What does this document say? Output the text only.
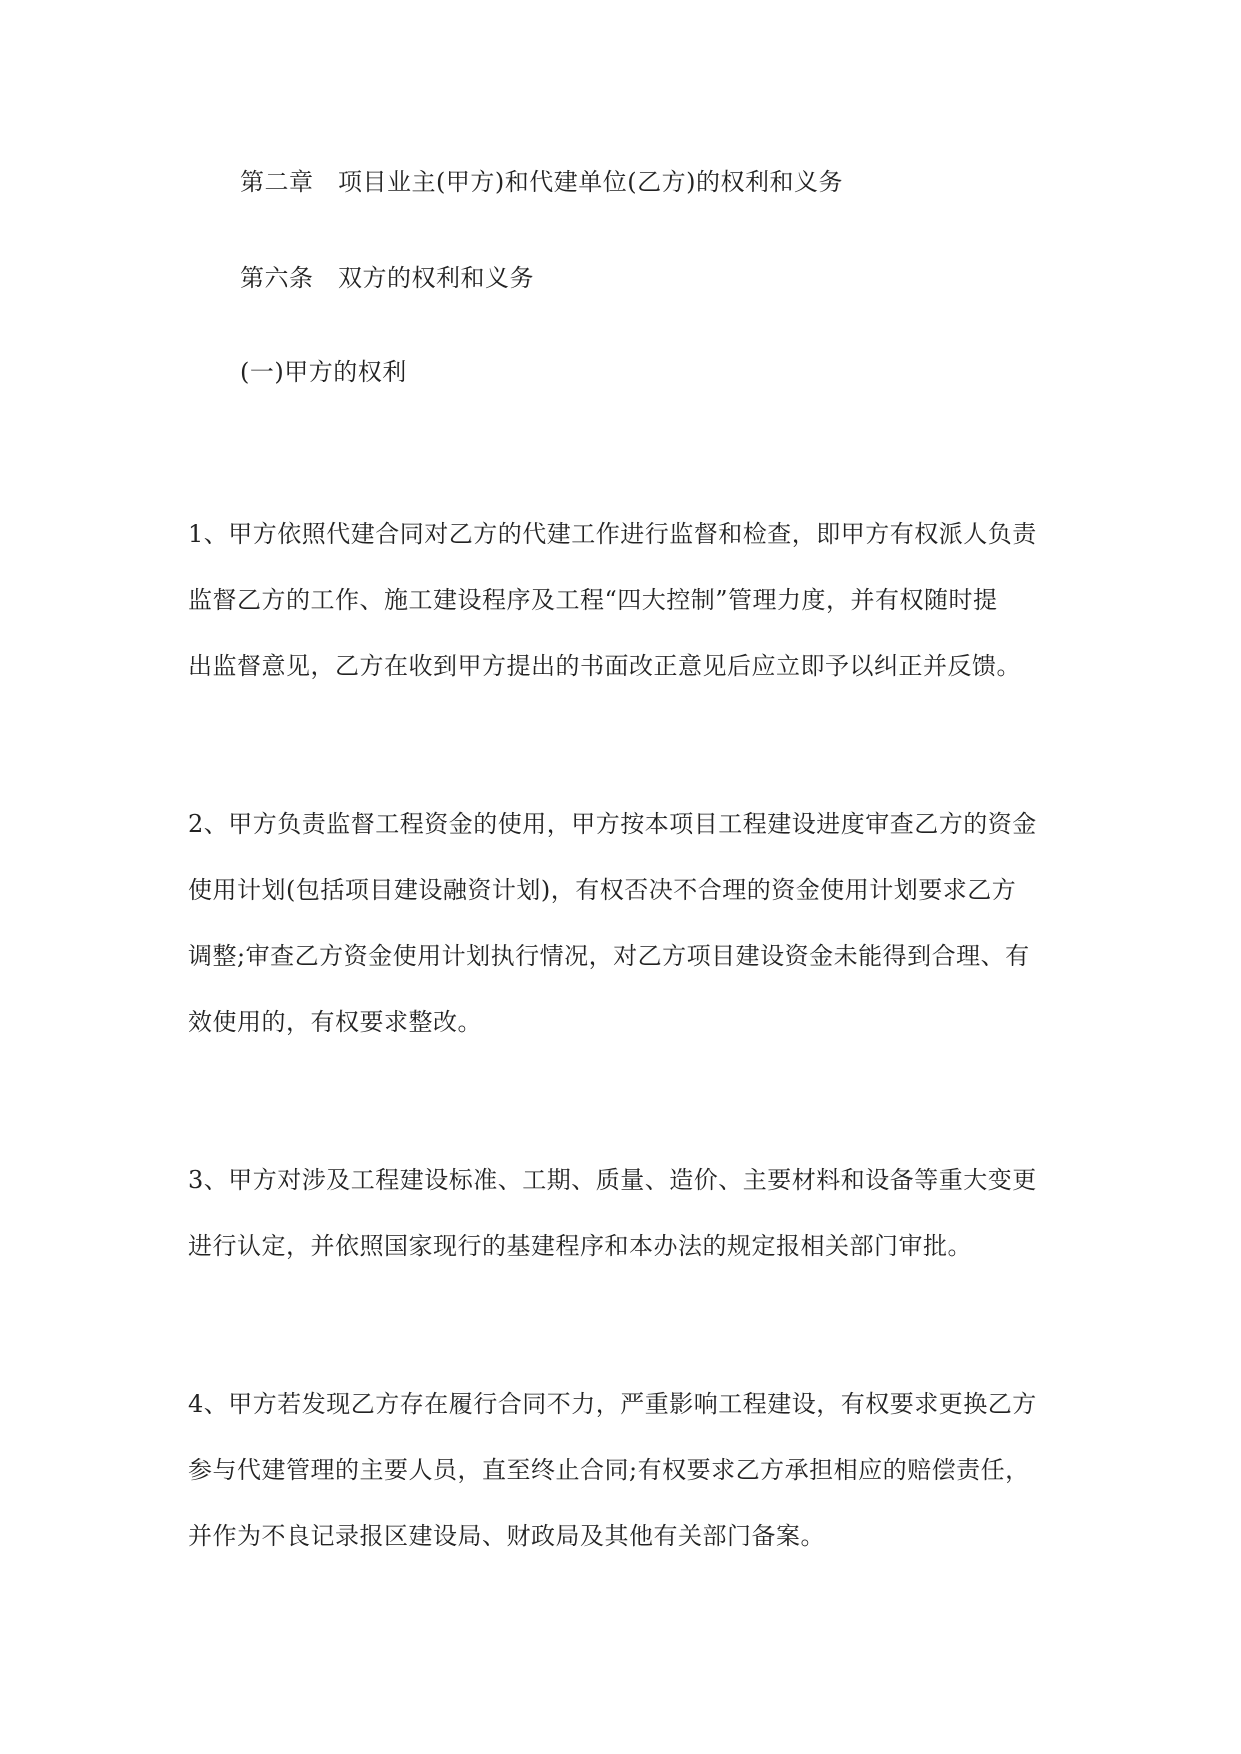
第二章　项目业主(甲方)和代建单位(乙方)的权利和义务

第六条　双方的权利和义务

(一)甲方的权利

1、甲方依照代建合同对乙方的代建工作进行监督和检查，即甲方有权派人负责

监督乙方的工作、施工建设程序及工程“四大控制”管理力度，并有权随时提

出监督意见，乙方在收到甲方提出的书面改正意见后应立即予以纠正并反馈。

2、甲方负责监督工程资金的使用，甲方按本项目工程建设进度审查乙方的资金

使用计划(包括项目建设融资计划)，有权否决不合理的资金使用计划要求乙方

调整;审查乙方资金使用计划执行情况，对乙方项目建设资金未能得到合理、有

效使用的，有权要求整改。

3、甲方对涉及工程建设标准、工期、质量、造价、主要材料和设备等重大变更

进行认定，并依照国家现行的基建程序和本办法的规定报相关部门审批。

4、甲方若发现乙方存在履行合同不力，严重影响工程建设，有权要求更换乙方

参与代建管理的主要人员，直至终止合同;有权要求乙方承担相应的赔偿责任，

并作为不良记录报区建设局、财政局及其他有关部门备案。
